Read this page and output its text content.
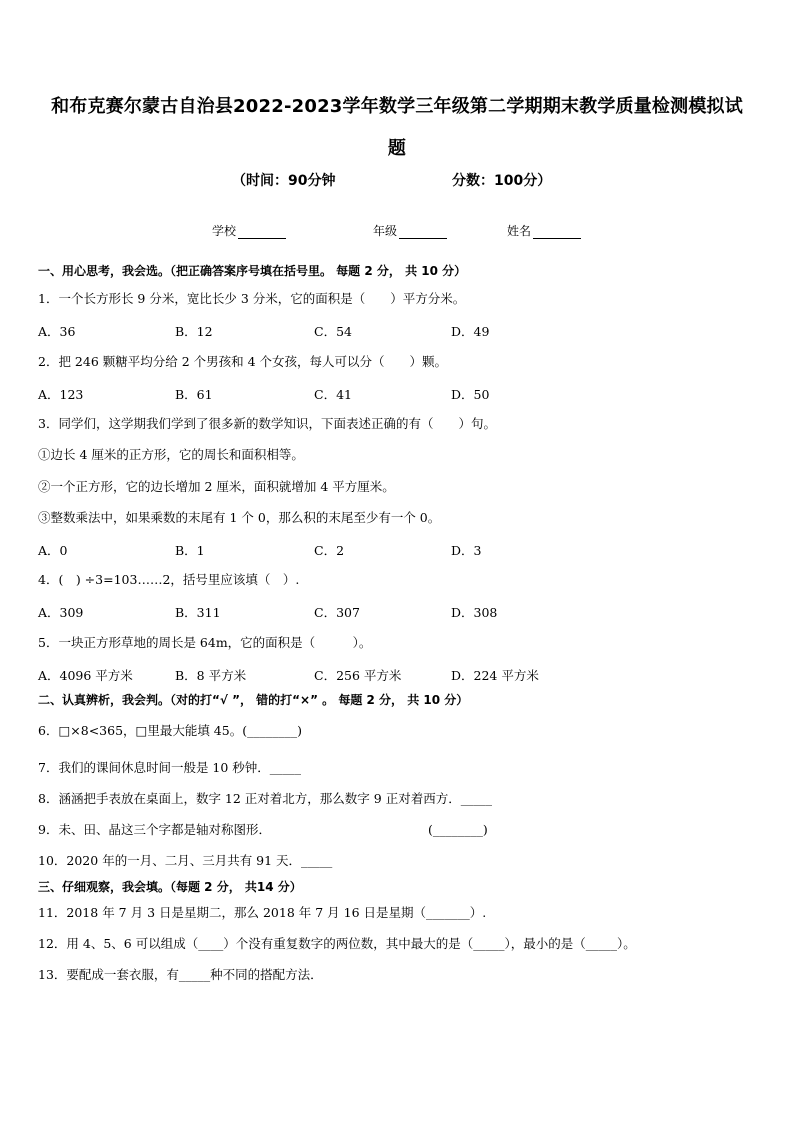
和布克赛尔蒙古自治县2022-2023学年数学三年级第二学期期末教学质量检测模拟试
题
（时间：90分钟	分数：100分）
学校	年级	姓名
一、用心思考，我会选。（把正确答案序号填在括号里。 每题 2 分， 共 10 分）
1．一个长方形长 9 分米，宽比长少 3 分米，它的面积是（　　）平方分米。
A．36	B．12	C．54	D．49
2．把 246 颗糖平均分给 2 个男孩和 4 个女孩，每人可以分（　　）颗。
A．123	B．61	C．41	D．50
3．同学们，这学期我们学到了很多新的数学知识，下面表述正确的有（　　）句。
①边长 4 厘米的正方形，它的周长和面积相等。
②一个正方形，它的边长增加 2 厘米，面积就增加 4 平方厘米。
③整数乘法中，如果乘数的末尾有 1 个 0，那么积的末尾至少有一个 0。
A．0	B．1	C．2	D．3
4．(　) ÷3=103……2，括号里应该填（　）.
A．309	B．311	C．307	D．308
5．一块正方形草地的周长是 64m，它的面积是（　　　）。
A．4096 平方米	B．8 平方米	C．256 平方米	D．224 平方米
二、认真辨析，我会判。（对的打“√ ”， 错的打“×” 。 每题 2 分， 共 10 分）
6．□×8<365，□里最大能填 45。(________)
7．我们的课间休息时间一般是 10 秒钟．_____
8．涵涵把手表放在桌面上，数字 12 正对着北方，那么数字 9 正对着西方．_____
9．未、田、晶这三个字都是轴对称图形．	(________)
10．2020 年的一月、二月、三月共有 91 天．_____
三、仔细观察，我会填。（每题 2 分， 共14 分）
11．2018 年 7 月 3 日是星期二，那么 2018 年 7 月 16 日是星期（_______）.
12．用 4、5、6 可以组成（____）个没有重复数字的两位数，其中最大的是（_____），最小的是（_____）。
13．要配成一套衣服，有_____种不同的搭配方法．
